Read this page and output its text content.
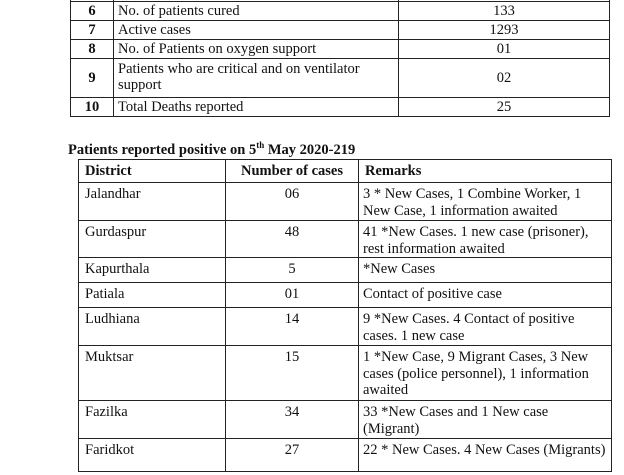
6	No. of patients cured	133
7	Active cases	1293
8	No. of Patients on oxygen support	01
9	Patients who are critical and on ventilator support	02
10	Total Deaths reported	25
Patients reported positive on 5th May 2020-219
District	Number of cases	Remarks
Jalandhar	06	3 * New Cases, 1 Combine Worker, 1 New Case, 1 information awaited
Gurdaspur	48	41 *New Cases. 1 new case (prisoner), rest information awaited
Kapurthala	5	*New Cases
Patiala	01	Contact of positive case
Ludhiana	14	9 *New Cases. 4 Contact of positive cases. 1 new case
Muktsar	15	1 *New Case, 9 Migrant Cases, 3 New cases (police personnel), 1 information awaited
Fazilka	34	33 *New Cases and 1 New case (Migrant)
Faridkot	27	22 * New Cases. 4 New Cases (Migrants)
